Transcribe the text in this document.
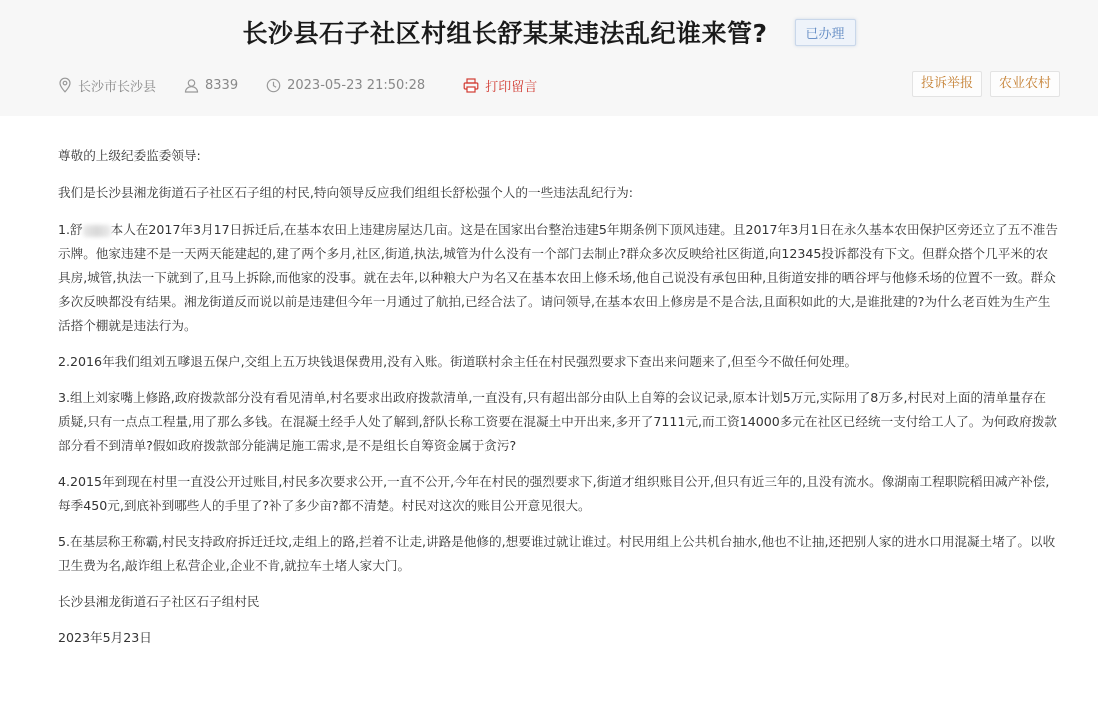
长沙县石子社区村组长舒某某违法乱纪谁来管?	已办理
长沙市长沙县	8339	2023-05-23 21:50:28	打印留言	投诉举报	农业农村

尊敬的上级纪委监委领导:

我们是长沙县湘龙街道石子社区石子组的村民,特向领导反应我们组组长舒松强个人的一些违法乱纪行为:

1.舒 本人在2017年3月17日拆迁后,在基本农田上违建房屋达几亩。这是在国家出台整治违建5年期条例下顶风违建。且2017年3月1日在永久基本农田保护区旁还立了五不准告示牌。他家违建不是一天两天能建起的,建了两个多月,社区,街道,执法,城管为什么没有一个部门去制止?群众多次反映给社区街道,向12345投诉都没有下文。但群众搭个几平米的农具房,城管,执法一下就到了,且马上拆除,而他家的没事。就在去年,以种粮大户为名又在基本农田上修禾场,他自己说没有承包田种,且街道安排的晒谷坪与他修禾场的位置不一致。群众多次反映都没有结果。湘龙街道反而说以前是违建但今年一月通过了航拍,已经合法了。请问领导,在基本农田上修房是不是合法,且面积如此的大,是谁批建的?为什么老百姓为生产生活搭个棚就是违法行为。

2.2016年我们组刘五嗲退五保户,交组上五万块钱退保费用,没有入账。街道联村余主任在村民强烈要求下查出来问题来了,但至今不做任何处理。

3.组上刘家嘴上修路,政府拨款部分没有看见清单,村名要求出政府拨款清单,一直没有,只有超出部分由队上自筹的会议记录,原本计划5万元,实际用了8万多,村民对上面的清单量存在质疑,只有一点点工程量,用了那么多钱。在混凝土经手人处了解到,舒队长称工资要在混凝土中开出来,多开了7111元,而工资14000多元在社区已经统一支付给工人了。为何政府拨款部分看不到清单?假如政府拨款部分能满足施工需求,是不是组长自筹资金属于贪污?

4.2015年到现在村里一直没公开过账目,村民多次要求公开,一直不公开,今年在村民的强烈要求下,街道才组织账目公开,但只有近三年的,且没有流水。像湖南工程职院稻田减产补偿,每季450元,到底补到哪些人的手里了?补了多少亩?都不清楚。村民对这次的账目公开意见很大。

5.在基层称王称霸,村民支持政府拆迁迁坟,走组上的路,拦着不让走,讲路是他修的,想要谁过就让谁过。村民用组上公共机台抽水,他也不让抽,还把别人家的进水口用混凝土堵了。以收卫生费为名,敲诈组上私营企业,企业不肯,就拉车土堵人家大门。

长沙县湘龙街道石子社区石子组村民

2023年5月23日
